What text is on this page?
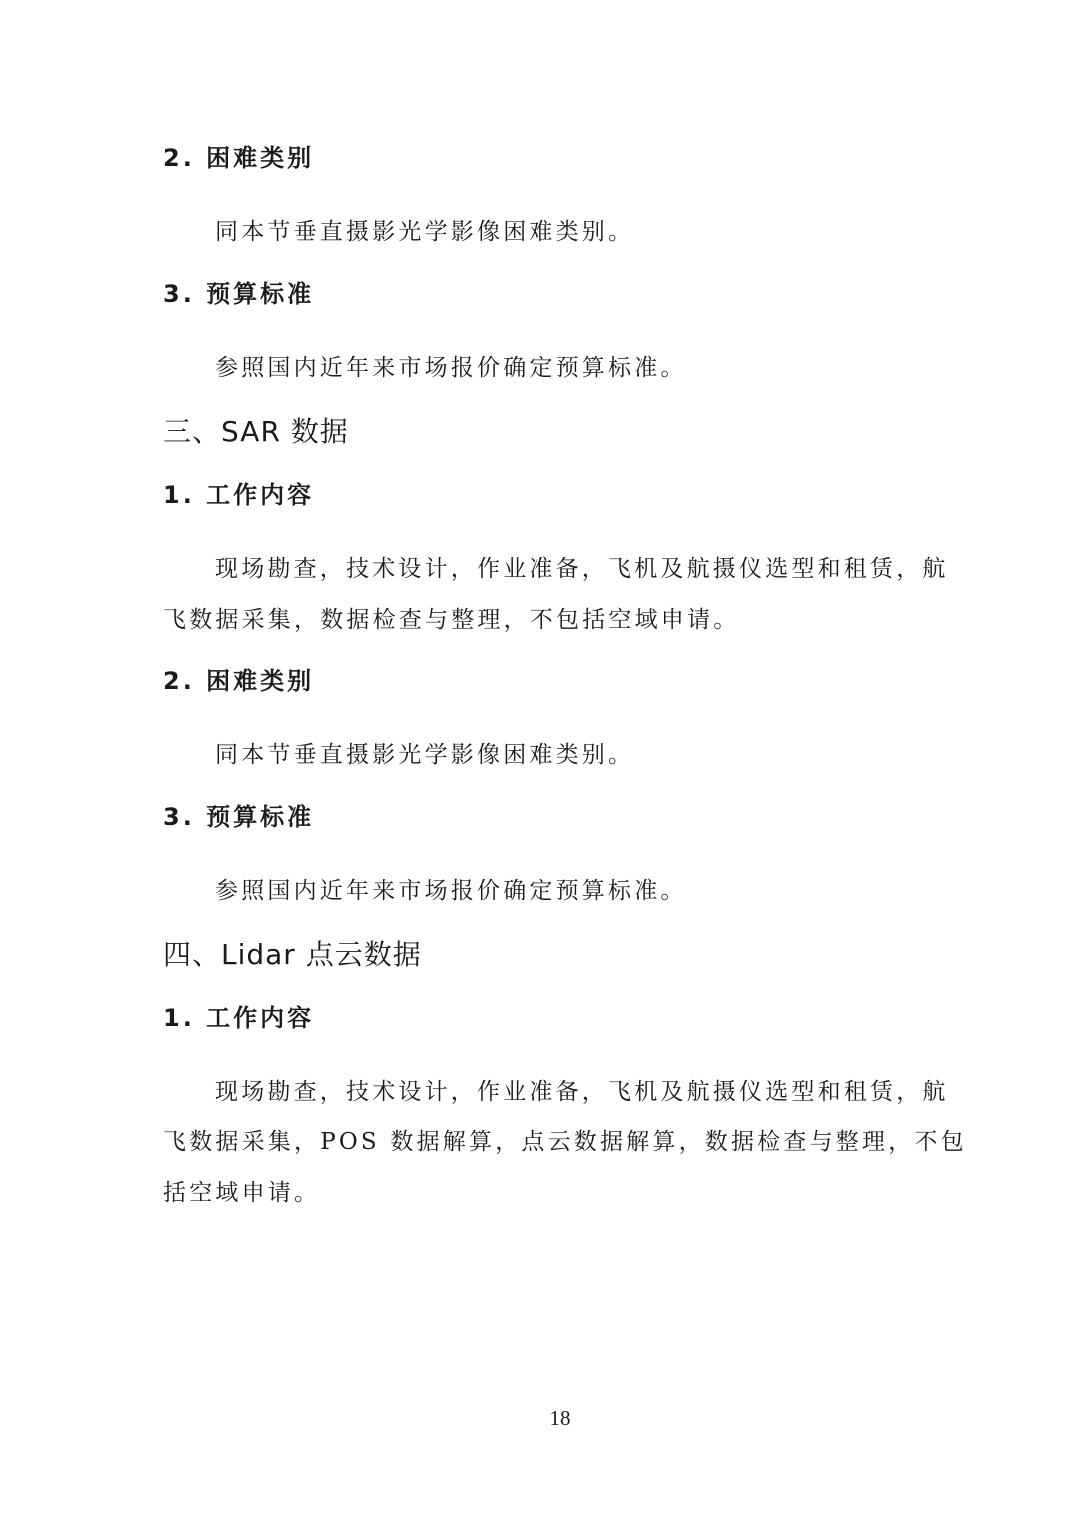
2. 困难类别
同本节垂直摄影光学影像困难类别。
3. 预算标准
参照国内近年来市场报价确定预算标准。
三、SAR 数据
1. 工作内容
现场勘查，技术设计，作业准备，飞机及航摄仪选型和租赁，航
飞数据采集，数据检查与整理，不包括空域申请。
2. 困难类别
同本节垂直摄影光学影像困难类别。
3. 预算标准
参照国内近年来市场报价确定预算标准。
四、Lidar 点云数据
1. 工作内容
现场勘查，技术设计，作业准备，飞机及航摄仪选型和租赁，航
飞数据采集，POS 数据解算，点云数据解算，数据检查与整理，不包
括空域申请。
18
